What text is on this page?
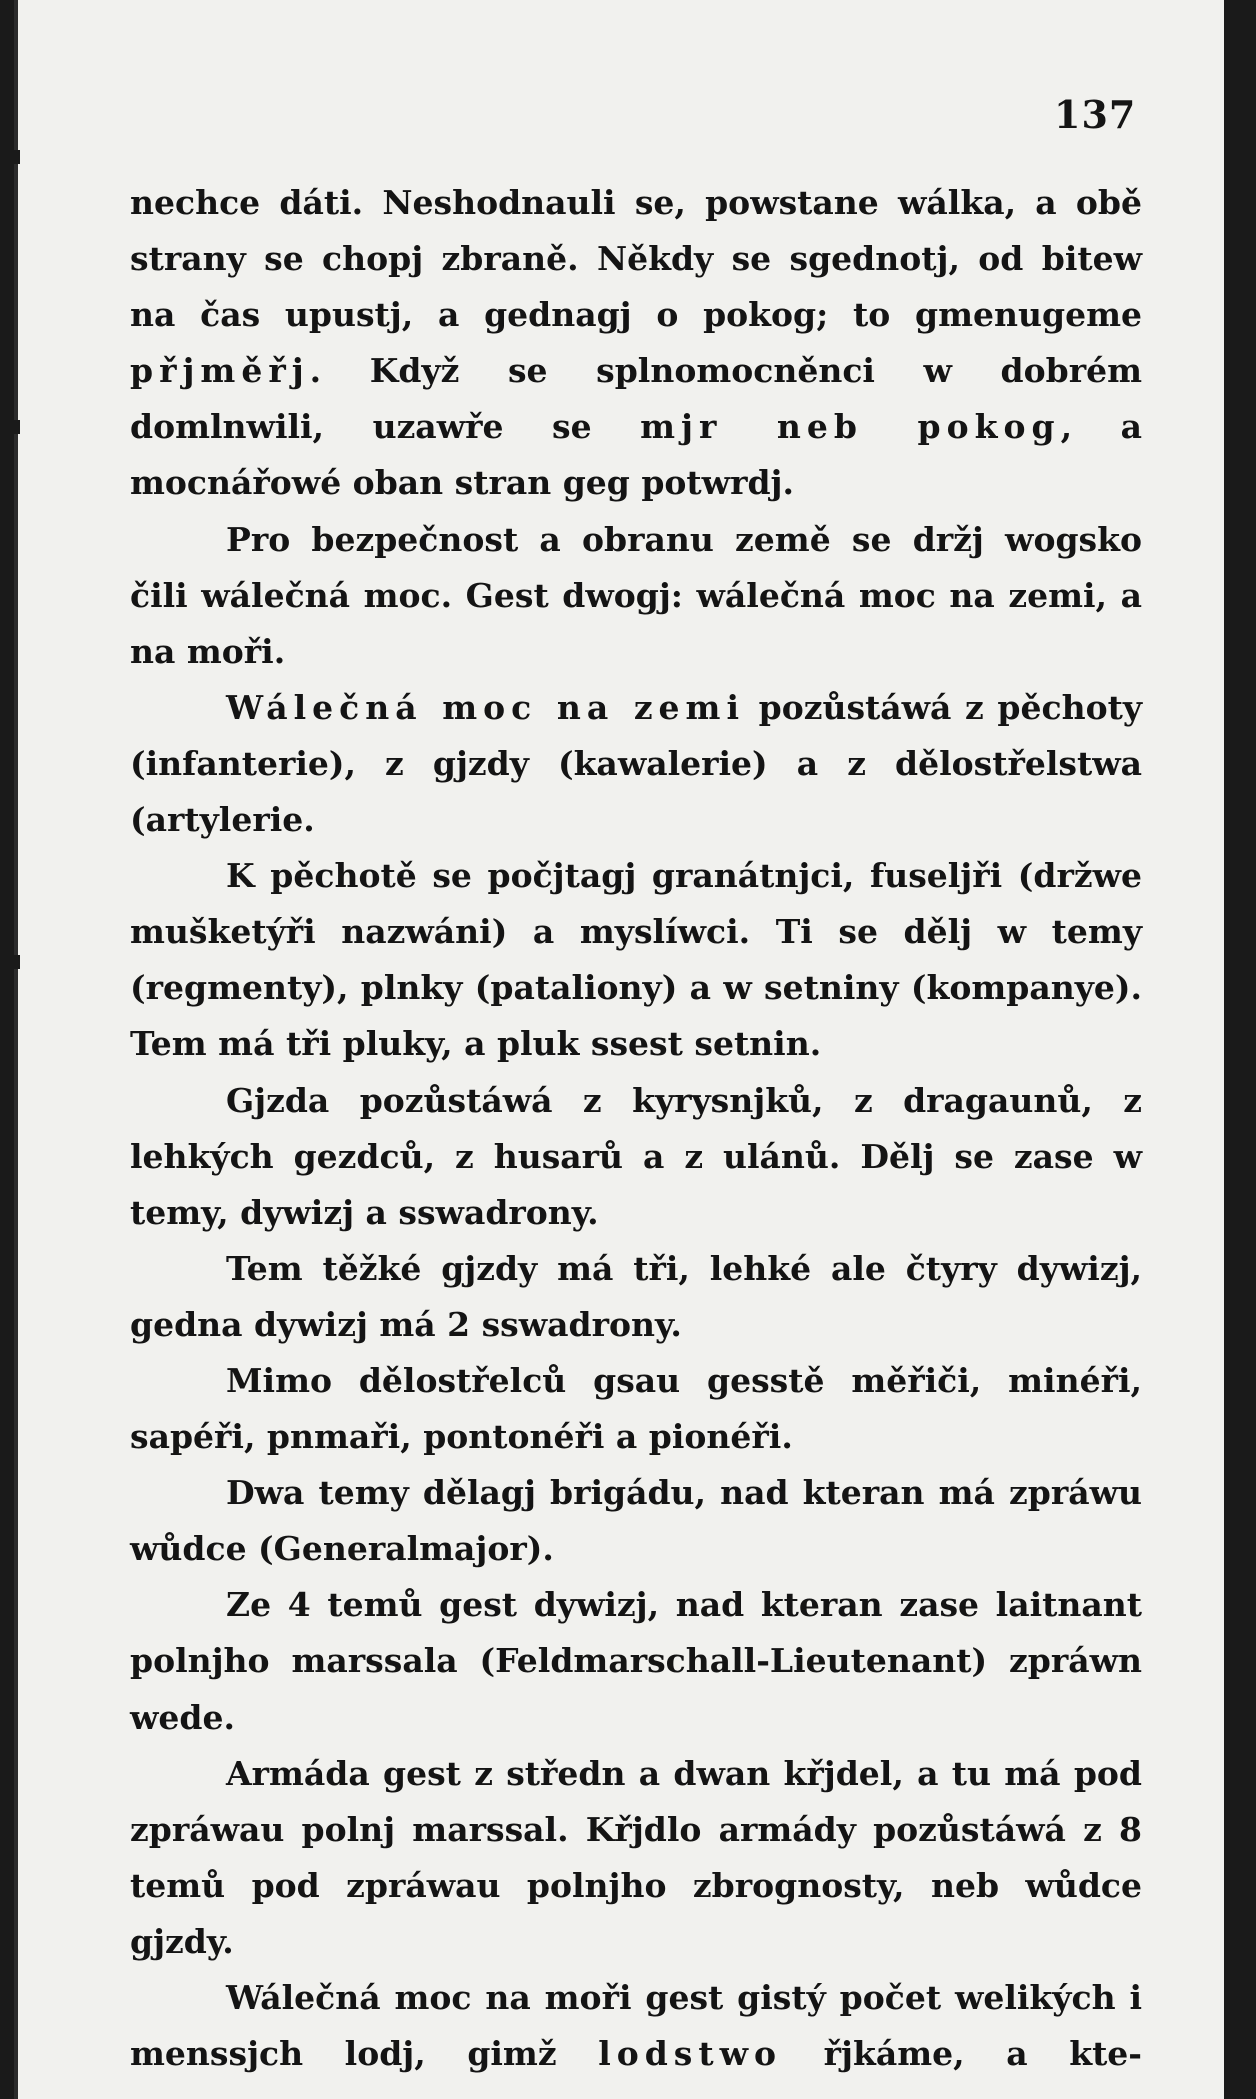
137

nechce dáti. Neshodnauli se, powstane wálka, a obě strany se chopj zbraně. Někdy se sgednotj, od bitew na čas upustj, a gednagj o pokog; to gmenugeme přjměřj. Když se splnomocněnci w dobrém domlnwili, uzawře se mjr neb pokog, a mocnářowé oban stran geg potwrdj.

Pro bezpečnost a obranu země se držj wogsko čili wálečná moc. Gest dwogj: wálečná moc na zemi, a na moři.

Wálečná moc na zemi pozůstáwá z pěchoty (infanterie), z gjzdy (kawalerie) a z dělostřelstwa (artylerie.

K pěchotě se počjtagj granátnjci, fuseljři (držwe mušketýři nazwáni) a myslíwci. Ti se dělj w temy (regmenty), plnky (pataliony) a w setniny (kompanye). Tem má tři pluky, a pluk ssest setnin.

Gjzda pozůstáwá z kyrysnjků, z dragaunů, z lehkých gezdců, z husarů a z ulánů. Dělj se zase w temy, dywizj a sswadrony.

Tem těžké gjzdy má tři, lehké ale čtyry dywizj, gedna dywizj má 2 sswadrony.

Mimo dělostřelců gsau gesstě měřiči, minéři, sapéři, pnmaři, pontonéři a pionéři.

Dwa temy dělagj brigádu, nad kteran má zpráwu wůdce (Generalmajor).

Ze 4 temů gest dywizj, nad kteran zase laitnant polnjho marssala (Feldmarschall-Lieutenant) zpráwn wede.

Armáda gest z středn a dwan křjdel, a tu má pod zpráwau polnj marssal. Křjdlo armády pozůstáwá z 8 temů pod zpráwau polnjho zbrognosty, neb wůdce gjzdy.

Wálečná moc na moři gest gistý počet welikých i menssjch lodj, gimž lodstwo řjkáme, a kte-
